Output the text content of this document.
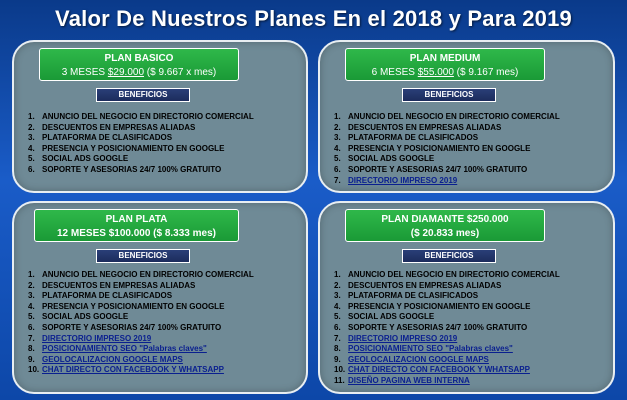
Valor De Nuestros Planes En el 2018 y Para 2019
PLAN BASICO
3 MESES $29.000 ($ 9.667 x mes)
BENEFICIOS
1. ANUNCIO DEL NEGOCIO EN DIRECTORIO COMERCIAL
2. DESCUENTOS EN EMPRESAS ALIADAS
3. PLATAFORMA DE CLASIFICADOS
4. PRESENCIA Y POSICIONAMIENTO EN GOOGLE
5. SOCIAL ADS GOOGLE
6. SOPORTE Y ASESORIAS 24/7 100% GRATUITO
PLAN MEDIUM
6 MESES $55.000 ($ 9.167 mes)
BENEFICIOS
1. ANUNCIO DEL NEGOCIO EN DIRECTORIO COMERCIAL
2. DESCUENTOS EN EMPRESAS ALIADAS
3. PLATAFORMA DE CLASIFICADOS
4. PRESENCIA Y POSICIONAMIENTO EN GOOGLE
5. SOCIAL ADS GOOGLE
6. SOPORTE Y ASESORIAS 24/7 100% GRATUITO
7. DIRECTORIO IMPRESO 2019
PLAN PLATA
12 MESES $100.000 ($ 8.333 mes)
BENEFICIOS
1. ANUNCIO DEL NEGOCIO EN DIRECTORIO COMERCIAL
2. DESCUENTOS EN EMPRESAS ALIADAS
3. PLATAFORMA DE CLASIFICADOS
4. PRESENCIA Y POSICIONAMIENTO EN GOOGLE
5. SOCIAL ADS GOOGLE
6. SOPORTE Y ASESORIAS 24/7 100% GRATUITO
7. DIRECTORIO IMPRESO 2019
8. POSICIONAMIENTO SEO "Palabras claves"
9. GEOLOCALIZACION GOOGLE MAPS
10. CHAT DIRECTO CON FACEBOOK Y WHATSAPP
PLAN DIAMANTE $250.000
($ 20.833 mes)
BENEFICIOS
1. ANUNCIO DEL NEGOCIO EN DIRECTORIO COMERCIAL
2. DESCUENTOS EN EMPRESAS ALIADAS
3. PLATAFORMA DE CLASIFICADOS
4. PRESENCIA Y POSICIONAMIENTO EN GOOGLE
5. SOCIAL ADS GOOGLE
6. SOPORTE Y ASESORIAS 24/7 100% GRATUITO
7. DIRECTORIO IMPRESO 2019
8. POSICIONAMIENTO SEO "Palabras claves"
9. GEOLOCALIZACION GOOGLE MAPS
10. CHAT DIRECTO CON FACEBOOK Y WHATSAPP
11. DISEÑO PAGINA WEB INTERNA
